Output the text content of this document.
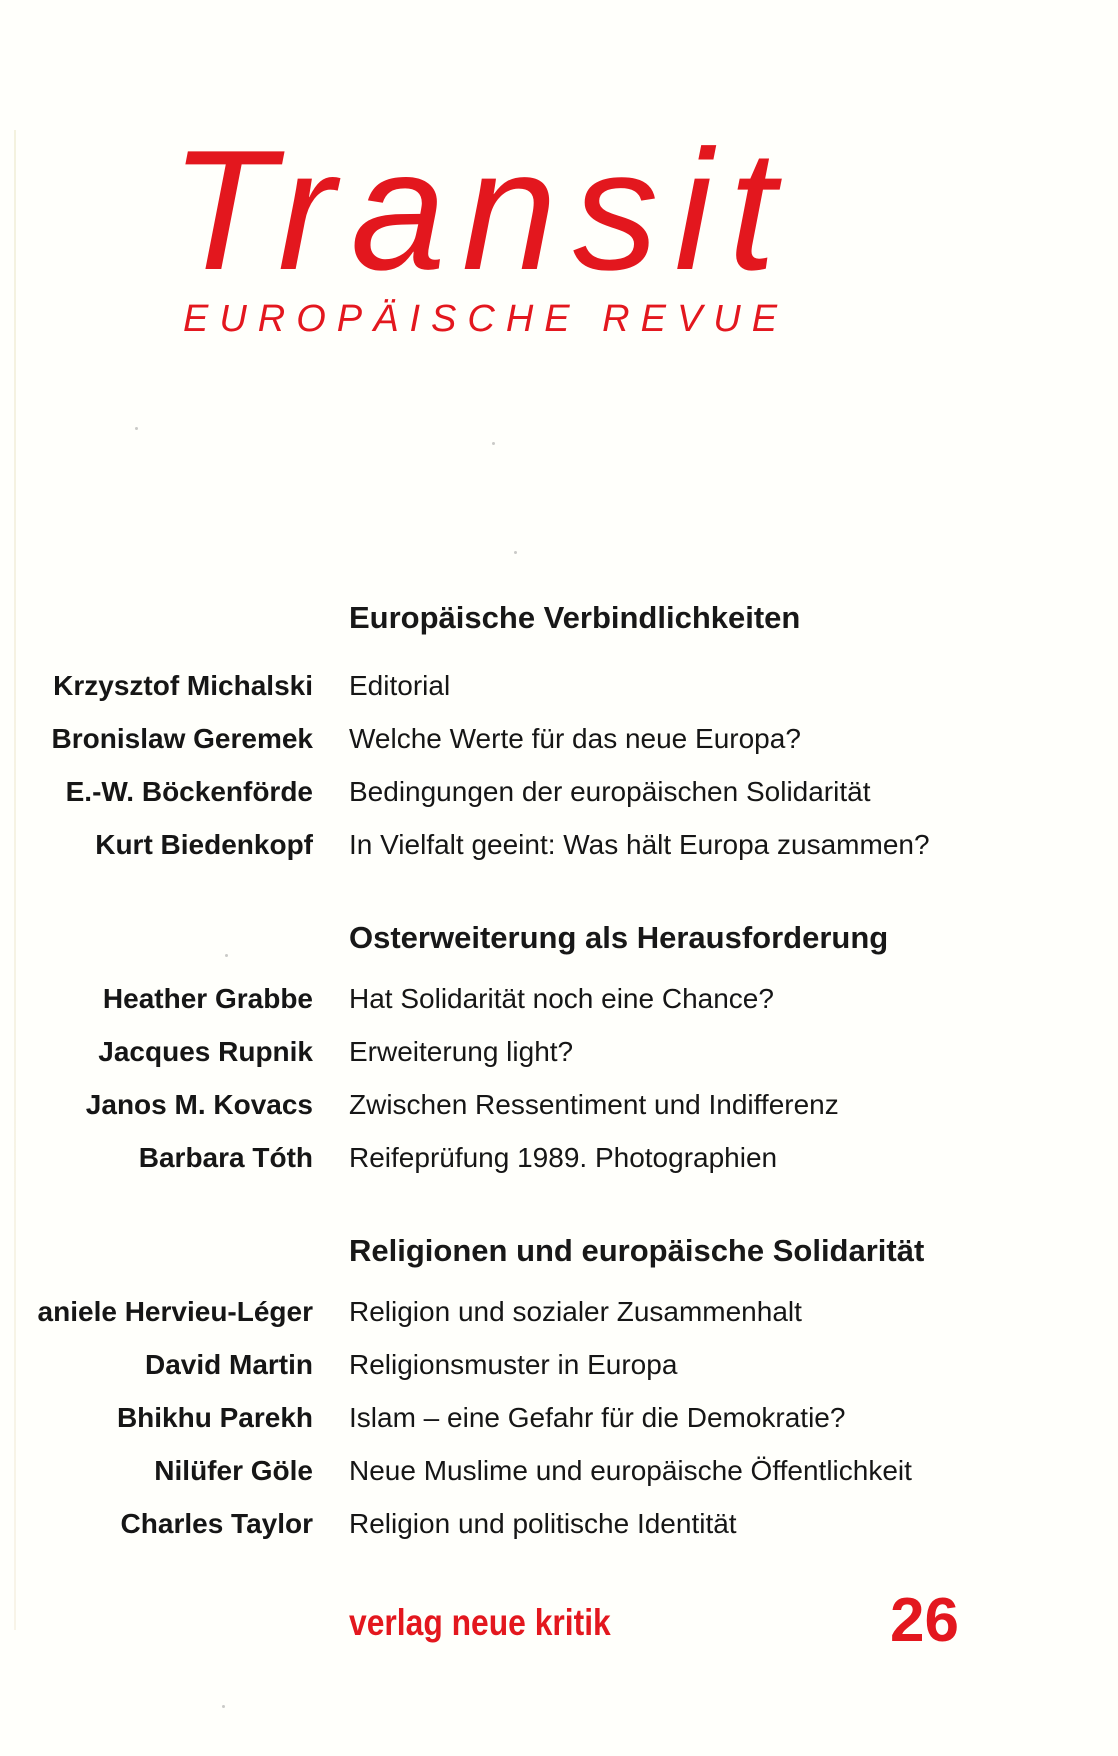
Transit
EUROPÄISCHE REVUE
Europäische Verbindlichkeiten
Krzysztof Michalski Editorial
Bronislaw Geremek Welche Werte für das neue Europa?
E.-W. Böckenförde Bedingungen der europäischen Solidarität
Kurt Biedenkopf In Vielfalt geeint: Was hält Europa zusammen?
Osterweiterung als Herausforderung
Heather Grabbe Hat Solidarität noch eine Chance?
Jacques Rupnik Erweiterung light?
Janos M. Kovacs Zwischen Ressentiment und Indifferenz
Barbara Tóth Reifeprüfung 1989. Photographien
Religionen und europäische Solidarität
aniele Hervieu-Léger Religion und sozialer Zusammenhalt
David Martin Religionsmuster in Europa
Bhikhu Parekh Islam – eine Gefahr für die Demokratie?
Nilüfer Göle Neue Muslime und europäische Öffentlichkeit
Charles Taylor Religion und politische Identität
verlag neue kritik	26
